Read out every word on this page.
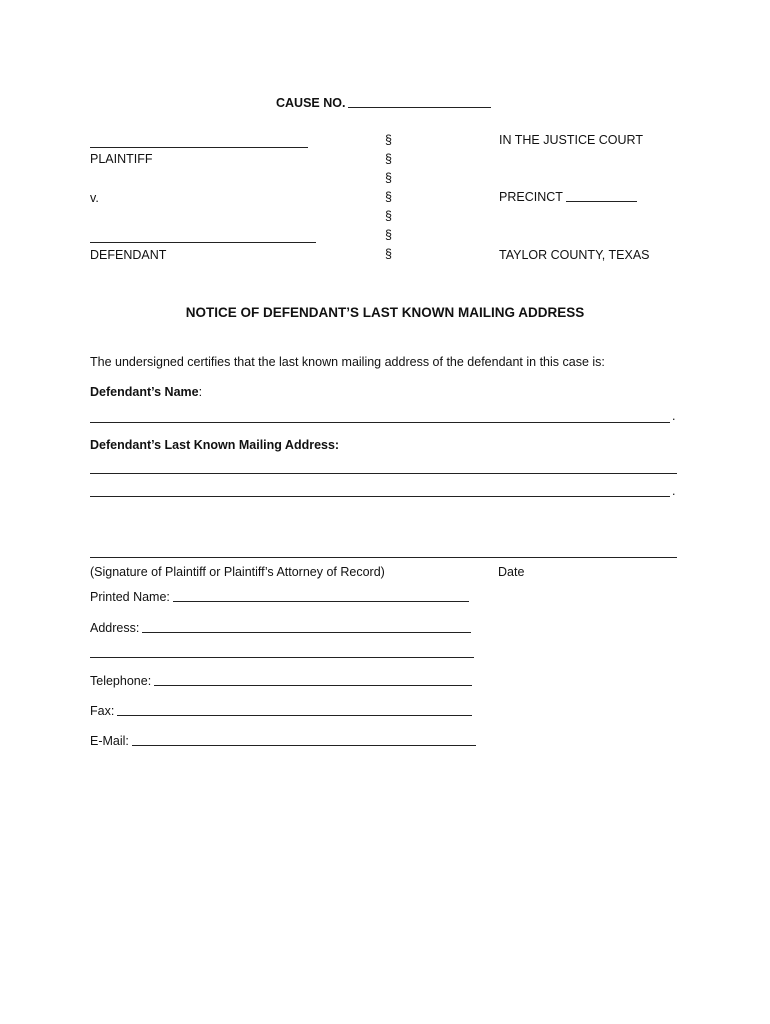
CAUSE NO.
PLAINTIFF
v.
DEFENDANT
§
§
§
§
§
§
§
IN THE JUSTICE COURT
PRECINCT
TAYLOR COUNTY, TEXAS
NOTICE OF DEFENDANT’S LAST KNOWN MAILING ADDRESS
The undersigned certifies that the last known mailing address of the defendant in this case is:
Defendant’s Name:
.
Defendant’s Last Known Mailing Address:
.
(Signature of Plaintiff or Plaintiff’s Attorney of Record)	Date
Printed Name:
Address:
Telephone:
Fax:
E-Mail:
